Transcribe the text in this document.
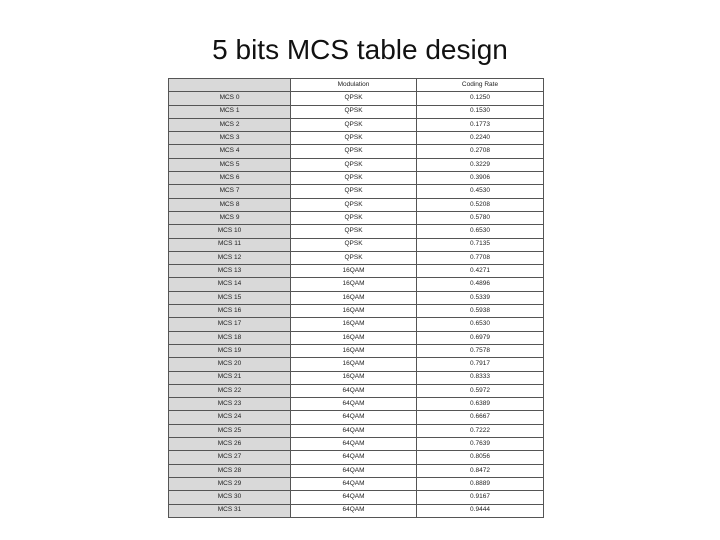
5 bits MCS table design
	Modulation	Coding Rate
MCS 0	QPSK	0.1250
MCS 1	QPSK	0.1530
MCS 2	QPSK	0.1773
MCS 3	QPSK	0.2240
MCS 4	QPSK	0.2708
MCS 5	QPSK	0.3229
MCS 6	QPSK	0.3906
MCS 7	QPSK	0.4530
MCS 8	QPSK	0.5208
MCS 9	QPSK	0.5780
MCS 10	QPSK	0.6530
MCS 11	QPSK	0.7135
MCS 12	QPSK	0.7708
MCS 13	16QAM	0.4271
MCS 14	16QAM	0.4896
MCS 15	16QAM	0.5339
MCS 16	16QAM	0.5938
MCS 17	16QAM	0.6530
MCS 18	16QAM	0.6979
MCS 19	16QAM	0.7578
MCS 20	16QAM	0.7917
MCS 21	16QAM	0.8333
MCS 22	64QAM	0.5972
MCS 23	64QAM	0.6389
MCS 24	64QAM	0.6667
MCS 25	64QAM	0.7222
MCS 26	64QAM	0.7639
MCS 27	64QAM	0.8056
MCS 28	64QAM	0.8472
MCS 29	64QAM	0.8889
MCS 30	64QAM	0.9167
MCS 31	64QAM	0.9444
